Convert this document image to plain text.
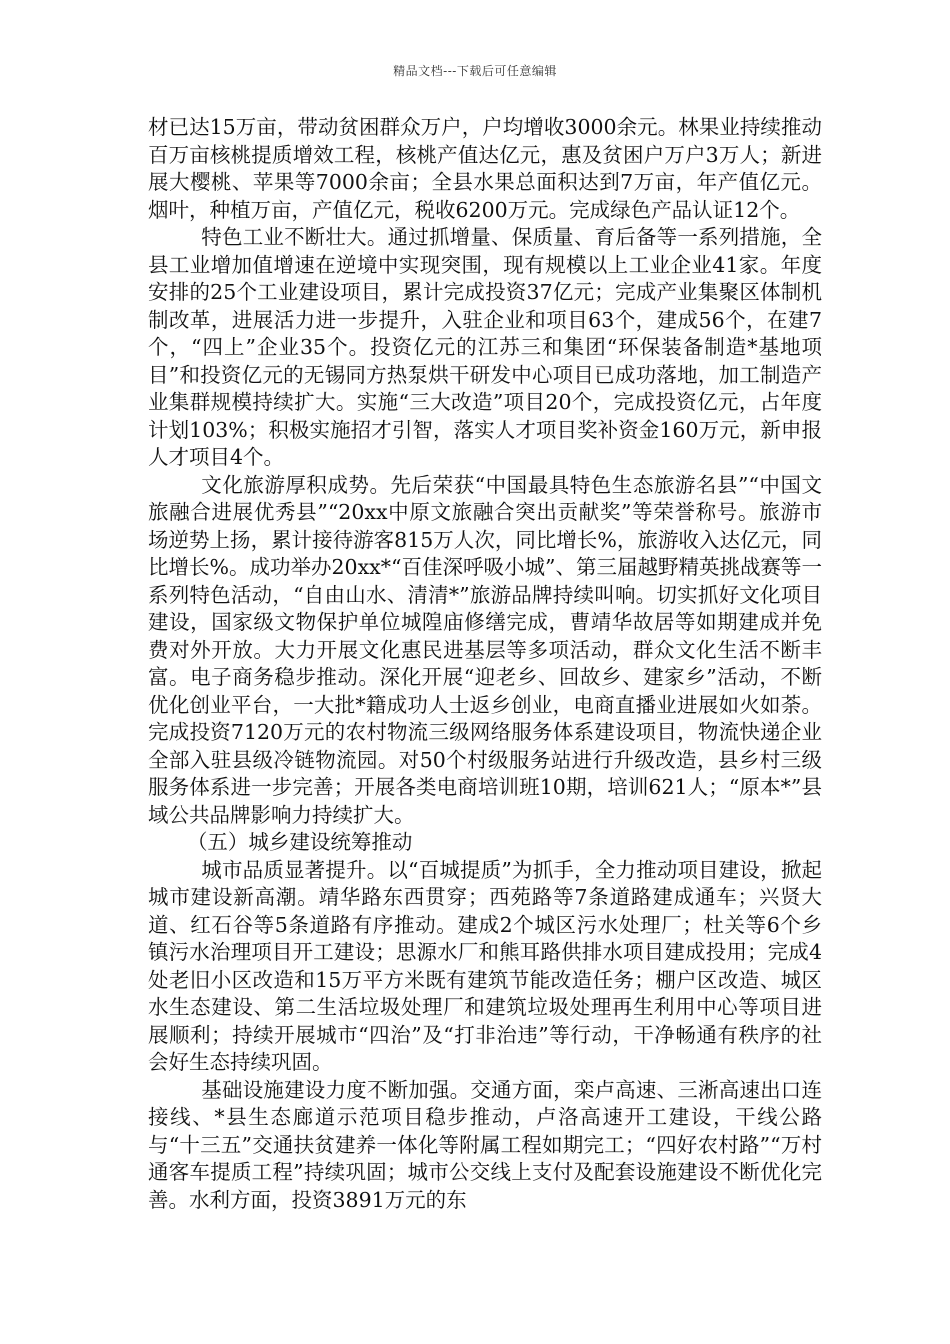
精品文档---下载后可任意编辑

材已达15万亩，带动贫困群众万户，户均增收3000余元。林果业持续推动百万亩核桃提质增效工程，核桃产值达亿元，惠及贫困户万户3万人；新进展大樱桃、苹果等7000余亩；全县水果总面积达到7万亩，年产值亿元。烟叶，种植万亩，产值亿元，税收6200万元。完成绿色产品认证12个。

特色工业不断壮大。通过抓增量、保质量、育后备等一系列措施，全县工业增加值增速在逆境中实现突围，现有规模以上工业企业41家。年度安排的25个工业建设项目，累计完成投资37亿元；完成产业集聚区体制机制改革，进展活力进一步提升，入驻企业和项目63个，建成56个，在建7个，“四上”企业35个。投资亿元的江苏三和集团“环保装备制造*基地项目”和投资亿元的无锡同方热泵烘干研发中心项目已成功落地，加工制造产业集群规模持续扩大。实施“三大改造”项目20个，完成投资亿元，占年度计划103%；积极实施招才引智，落实人才项目奖补资金160万元，新申报人才项目4个。

文化旅游厚积成势。先后荣获“中国最具特色生态旅游名县”“中国文旅融合进展优秀县”“20xx中原文旅融合突出贡献奖”等荣誉称号。旅游市场逆势上扬，累计接待游客815万人次，同比增长%，旅游收入达亿元，同比增长%。成功举办20xx*“百佳深呼吸小城”、第三届越野精英挑战赛等一系列特色活动，“自由山水、清清*”旅游品牌持续叫响。切实抓好文化项目建设，国家级文物保护单位城隍庙修缮完成，曹靖华故居等如期建成并免费对外开放。大力开展文化惠民进基层等多项活动，群众文化生活不断丰富。电子商务稳步推动。深化开展“迎老乡、回故乡、建家乡”活动，不断优化创业平台，一大批*籍成功人士返乡创业，电商直播业进展如火如荼。完成投资7120万元的农村物流三级网络服务体系建设项目，物流快递企业全部入驻县级冷链物流园。对50个村级服务站进行升级改造，县乡村三级服务体系进一步完善；开展各类电商培训班10期，培训621人；“原本*”县域公共品牌影响力持续扩大。

（五）城乡建设统筹推动

城市品质显著提升。以“百城提质”为抓手，全力推动项目建设，掀起城市建设新高潮。靖华路东西贯穿；西苑路等7条道路建成通车；兴贤大道、红石谷等5条道路有序推动。建成2个城区污水处理厂；杜关等6个乡镇污水治理项目开工建设；思源水厂和熊耳路供排水项目建成投用；完成4处老旧小区改造和15万平方米既有建筑节能改造任务；棚户区改造、城区水生态建设、第二生活垃圾处理厂和建筑垃圾处理再生利用中心等项目进展顺利；持续开展城市“四治”及“打非治违”等行动，干净畅通有秩序的社会好生态持续巩固。

基础设施建设力度不断加强。交通方面，栾卢高速、三淅高速出口连接线、*县生态廊道示范项目稳步推动，卢洛高速开工建设，干线公路与“十三五”交通扶贫建养一体化等附属工程如期完工；“四好农村路”“万村通客车提质工程”持续巩固；城市公交线上支付及配套设施建设不断优化完善。水利方面，投资3891万元的东
